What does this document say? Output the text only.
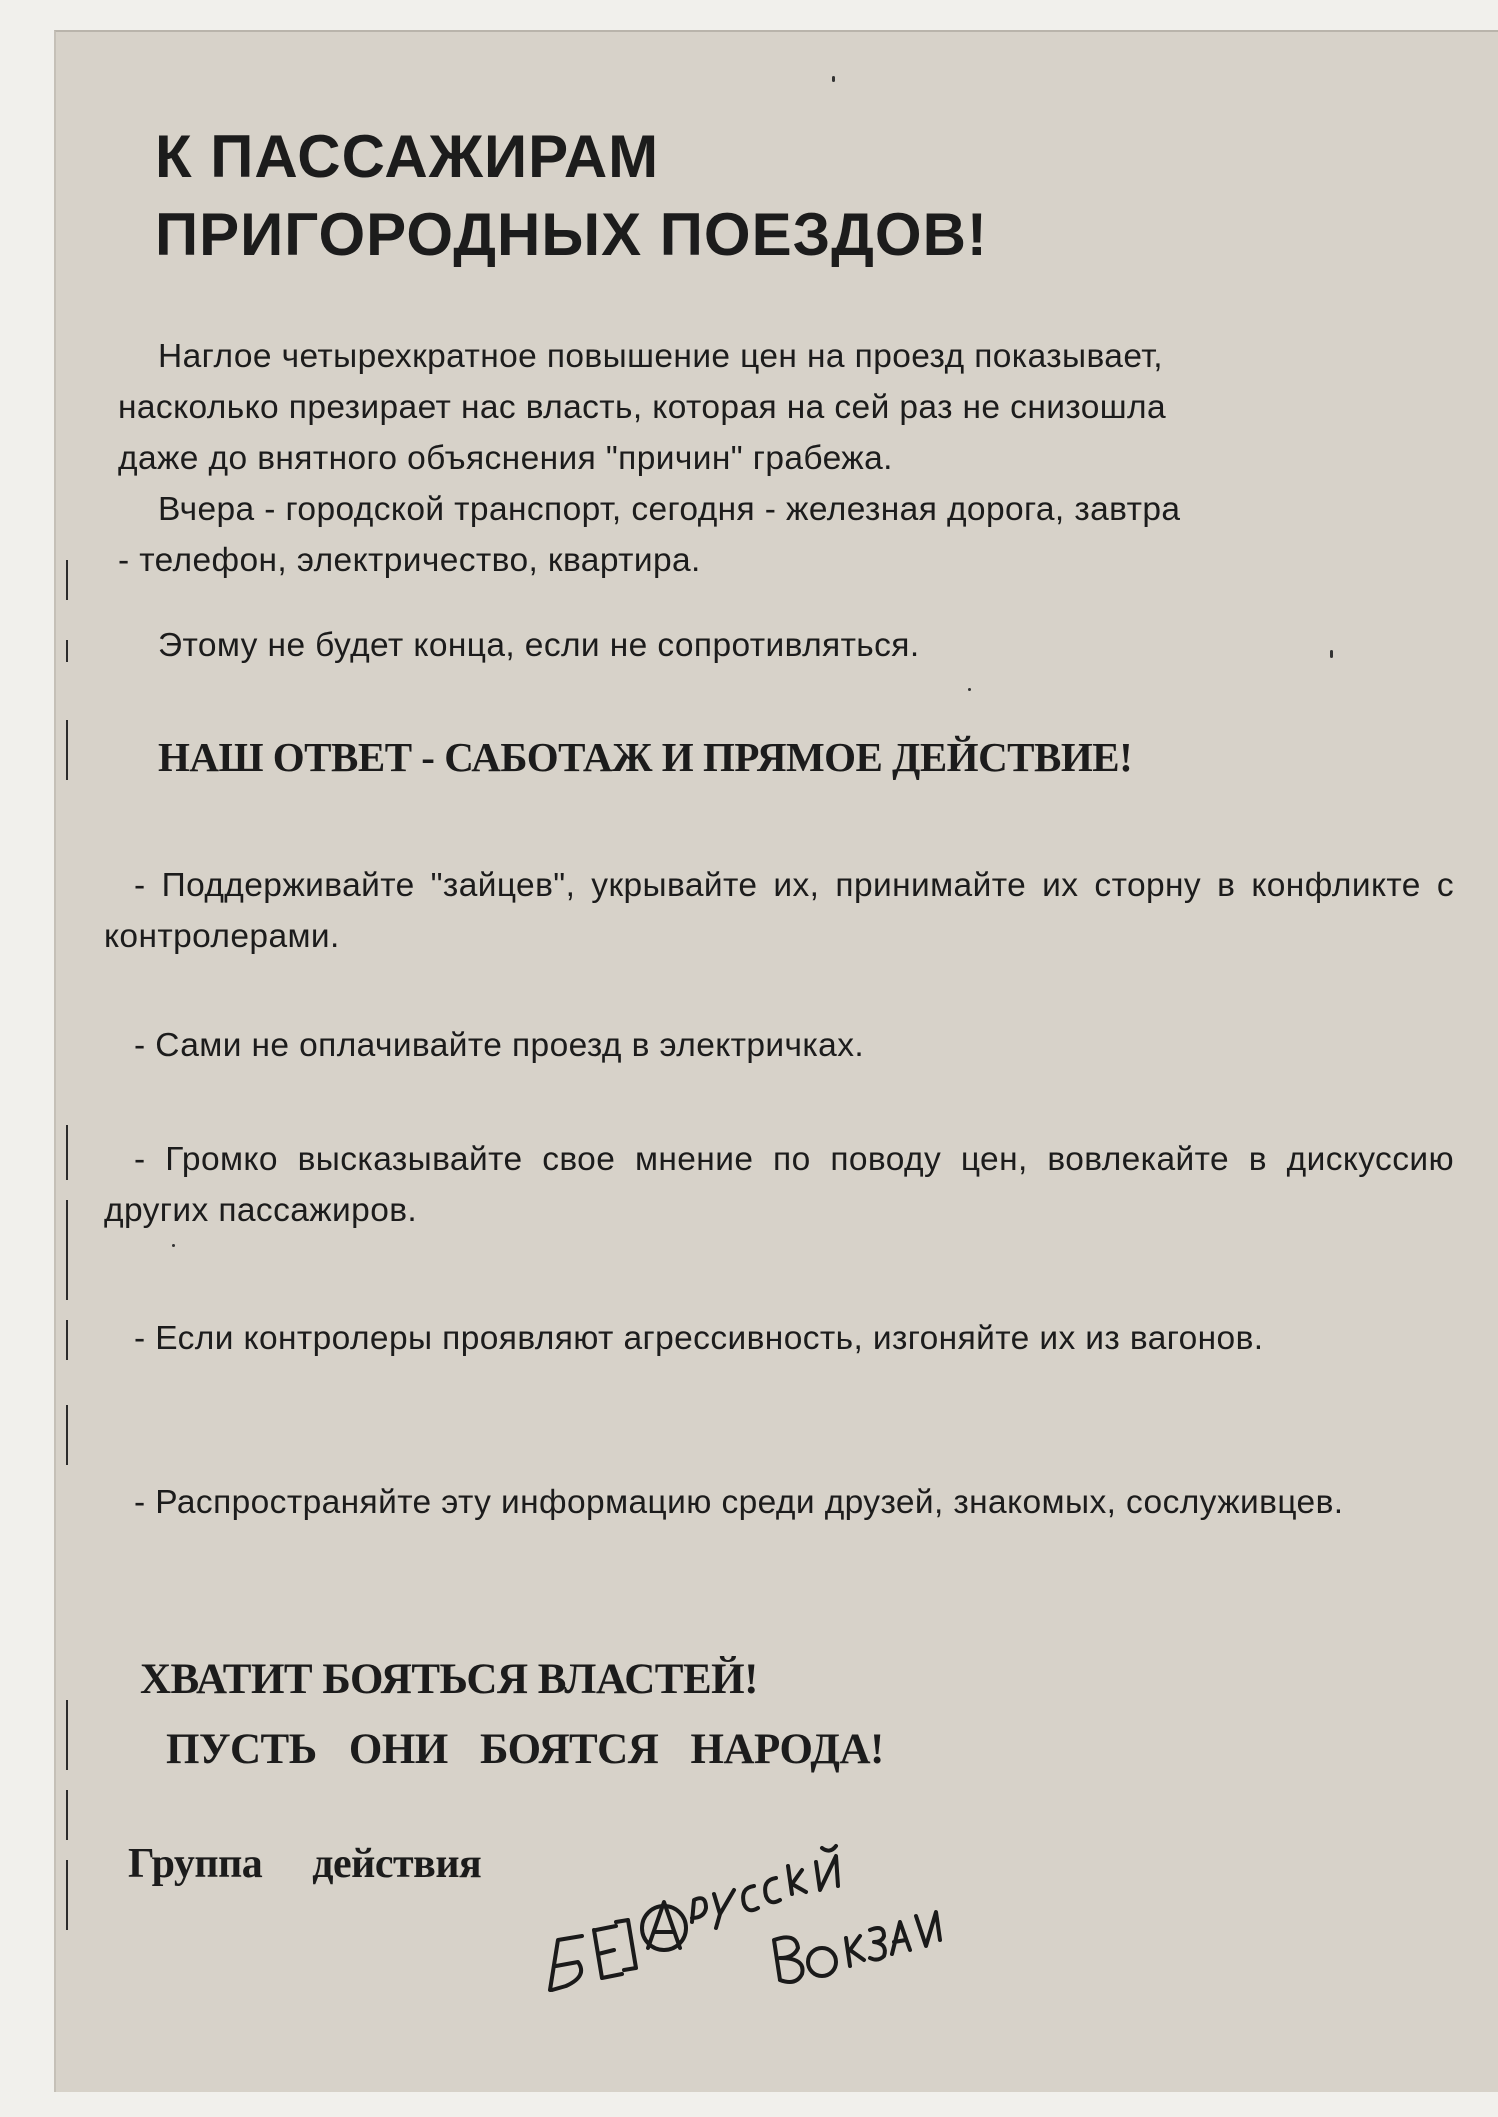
К ПАССАЖИРАМ
ПРИГОРОДНЫХ ПОЕЗДОВ!
Наглое четырехкратное повышение цен на проезд показывает,
насколько презирает нас власть, которая на сей раз не снизошла
даже до внятного объяснения "причин" грабежа.
Вчера - городской транспорт, сегодня - железная дорога, завтра
- телефон, электричество, квартира.
Этому не будет конца, если не сопротивляться.
НАШ ОТВЕТ - САБОТАЖ И ПРЯМОЕ ДЕЙСТВИЕ!
- Поддерживайте "зайцев", укрывайте их, принимайте их сторну в конфликте с контролерами.
- Сами не оплачивайте проезд в электричках.
- Громко высказывайте свое мнение по поводу цен, вовлекайте в дискуссию других пассажиров.
- Если контролеры проявляют агрессивность, изгоняйте их из вагонов.
- Распространяйте эту информацию среди друзей, знакомых, сослуживцев.
ХВАТИТ БОЯТЬСЯ ВЛАСТЕЙ!
ПУСТЬ ОНИ БОЯТСЯ НАРОДА!
Группа действия
